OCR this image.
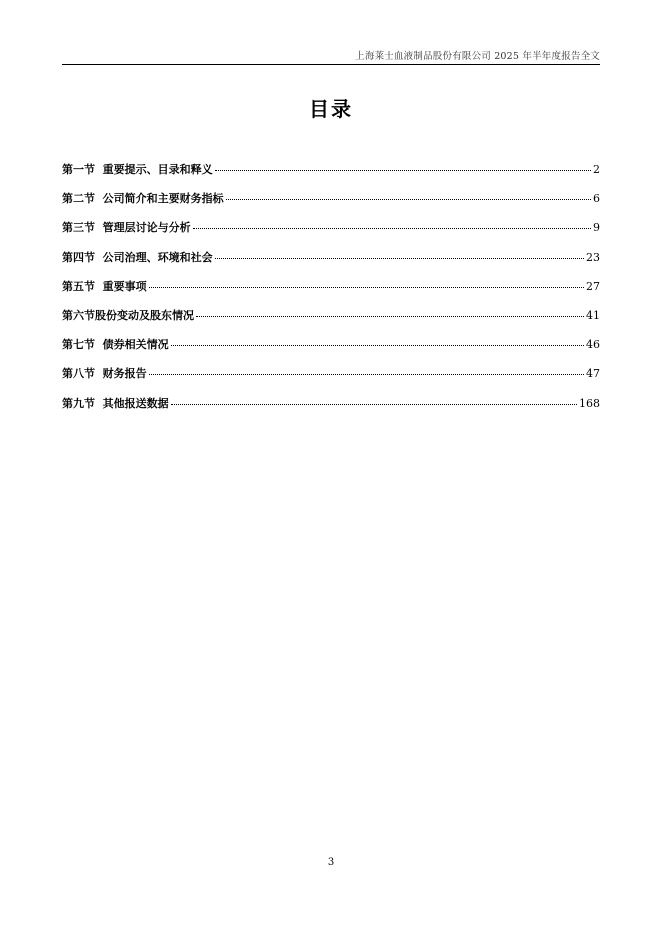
上海莱士血液制品股份有限公司 2025 年半年度报告全文
目录
第一节  重要提示、目录和释义	2
第二节  公司简介和主要财务指标	6
第三节  管理层讨论与分析	9
第四节  公司治理、环境和社会	23
第五节  重要事项	27
第六节股份变动及股东情况	41
第七节  债券相关情况	46
第八节  财务报告	47
第九节  其他报送数据	168
3
